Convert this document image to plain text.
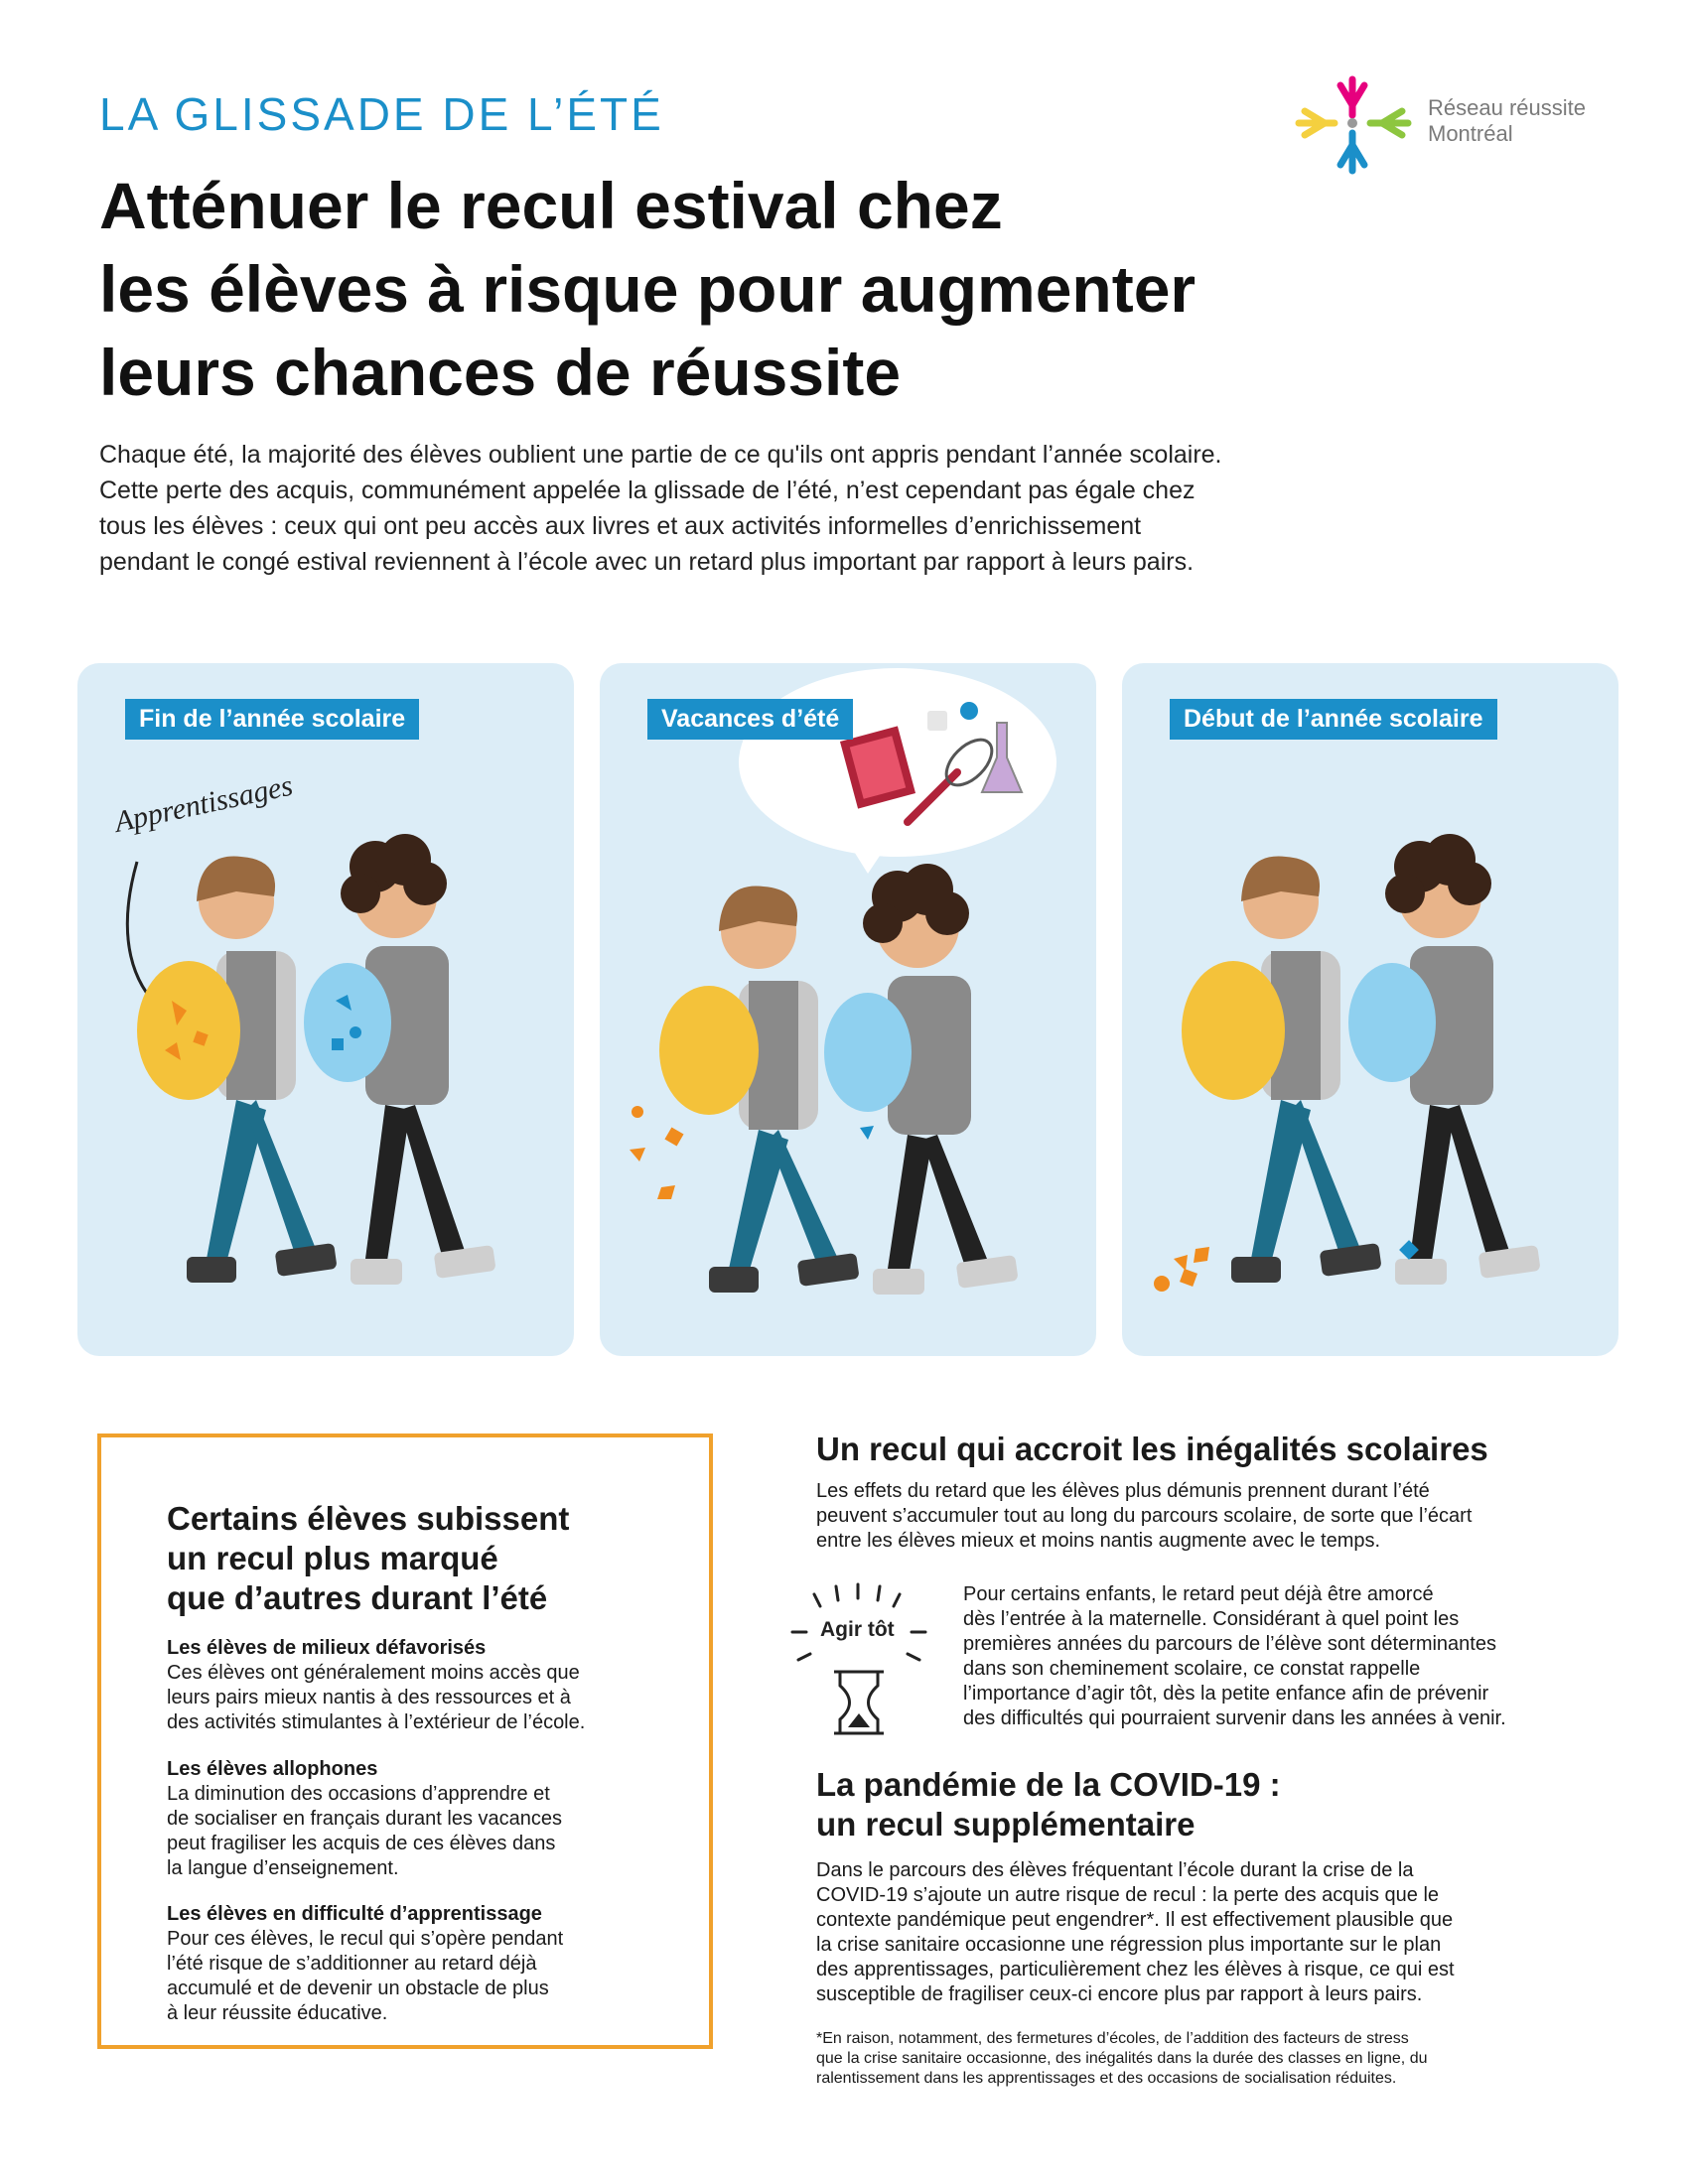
LA GLISSADE DE L’ÉTÉ	Réseau réussite
Montréal
Atténuer le recul estival chez
les élèves à risque pour augmenter
leurs chances de réussite
Chaque été, la majorité des élèves oublient une partie de ce qu'ils ont appris pendant l’année scolaire.
Cette perte des acquis, communément appelée la glissade de l’été, n’est cependant pas égale chez
tous les élèves : ceux qui ont peu accès aux livres et aux activités informelles d’enrichissement
pendant le congé estival reviennent à l’école avec un retard plus important par rapport à leurs pairs.
Apprentissages
Fin de l’année scolaire	Vacances d’été	Début de l’année scolaire
Certains élèves subissent
un recul plus marqué
que d’autres durant l’été
Les élèves de milieux défavorisés

Ces élèves ont généralement moins accès que
leurs pairs mieux nantis à des ressources et à
des activités stimulantes à l’extérieur de l’école.

Les élèves allophones

La diminution des occasions d’apprendre et
de socialiser en français durant les vacances
peut fragiliser les acquis de ces élèves dans
la langue d’enseignement.

Les élèves en difficulté d’apprentissage

Pour ces élèves, le recul qui s’opère pendant
l’été risque de s’additionner au retard déjà
accumulé et de devenir un obstacle de plus
à leur réussite éducative.

Un recul qui accroit les inégalités scolaires

Les effets du retard que les élèves plus démunis prennent durant l’été
peuvent s’accumuler tout au long du parcours scolaire, de sorte que l’écart
entre les élèves mieux et moins nantis augmente avec le temps.

Agir tôt

Pour certains enfants, le retard peut déjà être amorcé
dès l’entrée à la maternelle. Considérant à quel point les
premières années du parcours de l’élève sont déterminantes
dans son cheminement scolaire, ce constat rappelle
l’importance d’agir tôt, dès la petite enfance afin de prévenir
des difficultés qui pourraient survenir dans les années à venir.

La pandémie de la COVID-19 :
un recul supplémentaire

Dans le parcours des élèves fréquentant l’école durant la crise de la
COVID-19 s’ajoute un autre risque de recul : la perte des acquis que le
contexte pandémique peut engendrer*. Il est effectivement plausible que
la crise sanitaire occasionne une régression plus importante sur le plan
des apprentissages, particulièrement chez les élèves à risque, ce qui est
susceptible de fragiliser ceux-ci encore plus par rapport à leurs pairs.

*En raison, notamment, des fermetures d’écoles, de l’addition des facteurs de stress
que la crise sanitaire occasionne, des inégalités dans la durée des classes en ligne, du
ralentissement dans les apprentissages et des occasions de socialisation réduites.
